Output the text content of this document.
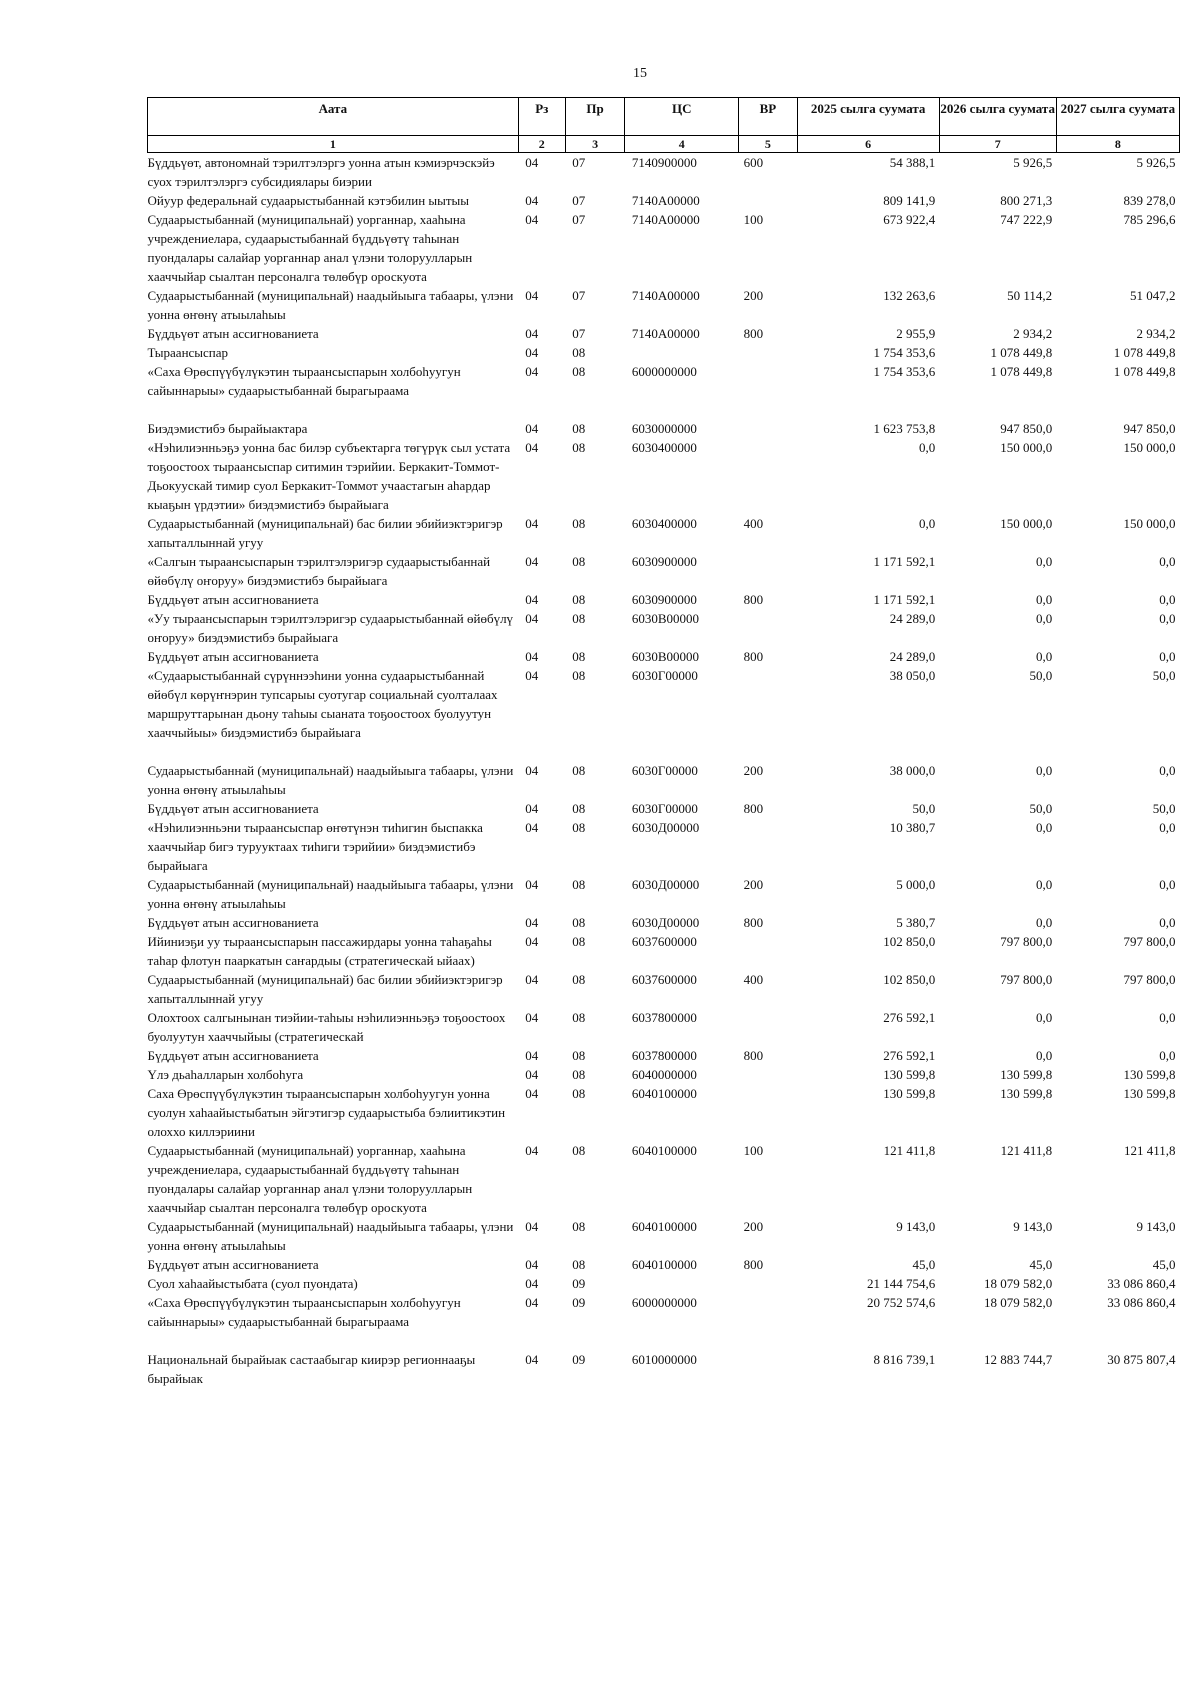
15
Аата	Рз	Пр	ЦС	ВР	2025 сылга суумата	2026 сылга суумата	2027 сылга суумата
1	2	3	4	5	6	7	8
Бүддьүөт, автономнай тэрилтэлэргэ уонна атын кэмиэрчэскэйэ суох тэрилтэлэргэ субсидиялары биэрии	04	07	7140900000	600	54 388,1	5 926,5	5 926,5
Ойуур федеральнай судаарыстыбаннай кэтэбилин ыытыы	04	07	7140А00000		809 141,9	800 271,3	839 278,0
Судаарыстыбаннай (муниципальнай) уорганнар, хааһына учреждениелара, судаарыстыбаннай бүддьүөтү таһынан пуондалары салайар уорганнар анал үлэни толоруулларын хааччыйар сыалтан персоналга төлөбүр ороскуота	04	07	7140А00000	100	673 922,4	747 222,9	785 296,6
Судаарыстыбаннай (муниципальнай) наадыйыыга табаары, үлэни уонна өҥөнү атыылаһыы	04	07	7140А00000	200	132 263,6	50 114,2	51 047,2
Бүддьүөт атын ассигнованиета	04	07	7140А00000	800	2 955,9	2 934,2	2 934,2
Тыраансыспар	04	08			1 754 353,6	1 078 449,8	1 078 449,8
«Саха Өрөспүүбүлүкэтин тыраансыспарын холбоһуугун сайыннарыы» судаарыстыбаннай бырагыраама	04	08	6000000000		1 754 353,6	1 078 449,8	1 078 449,8
Биэдэмистибэ бырайыактара	04	08	6030000000		1 623 753,8	947 850,0	947 850,0
«Нэһилиэнньэҕэ уонна бас билэр субъектарга төгүрүк сыл устата тоҕоостоох тыраансыспар ситимин тэрийии. Беркакит-Томмот-Дьокуускай тимир суол Беркакит-Томмот учаастагын аһардар кыаҕын үрдэтии» биэдэмистибэ бырайыага	04	08	6030400000		0,0	150 000,0	150 000,0
Судаарыстыбаннай (муниципальнай) бас билии эбийиэктэригэр хапыталлыннай угуу	04	08	6030400000	400	0,0	150 000,0	150 000,0
«Салгын тыраансыспарын тэрилтэлэригэр судаарыстыбаннай өйөбүлү оҥоруу» биэдэмистибэ бырайыага	04	08	6030900000		1 171 592,1	0,0	0,0
Бүддьүөт атын ассигнованиета	04	08	6030900000	800	1 171 592,1	0,0	0,0
«Уу тыраансыспарын тэрилтэлэригэр судаарыстыбаннай өйөбүлү оҥоруу» биэдэмистибэ бырайыага	04	08	6030В00000		24 289,0	0,0	0,0
Бүддьүөт атын ассигнованиета	04	08	6030В00000	800	24 289,0	0,0	0,0
«Судаарыстыбаннай сүрүннээһини уонна судаарыстыбаннай өйөбүл көрүҥнэрин тупсарыы суотугар социальнай суолталаах маршруттарынан дьону таһыы сыаната тоҕоостоох буолуутун хааччыйыы» биэдэмистибэ бырайыага	04	08	6030Г00000		38 050,0	50,0	50,0
Судаарыстыбаннай (муниципальнай) наадыйыыга табаары, үлэни уонна өҥөнү атыылаһыы	04	08	6030Г00000	200	38 000,0	0,0	0,0
Бүддьүөт атын ассигнованиета	04	08	6030Г00000	800	50,0	50,0	50,0
«Нэһилиэнньэни тыраансыспар өҥөтүнэн тиһигин быспакка хааччыйар бигэ турууктаах тиһиги тэрийии» биэдэмистибэ бырайыага	04	08	6030Д00000		10 380,7	0,0	0,0
Судаарыстыбаннай (муниципальнай) наадыйыыга табаары, үлэни уонна өҥөнү атыылаһыы	04	08	6030Д00000	200	5 000,0	0,0	0,0
Бүддьүөт атын ассигнованиета	04	08	6030Д00000	800	5 380,7	0,0	0,0
Ийиниэҕи уу тыраансыспарын пассажирдары уонна таһаҕаһы таһар флотун пааркатын саҥардыы (стратегическай ыйаах)	04	08	6037600000		102 850,0	797 800,0	797 800,0
Судаарыстыбаннай (муниципальнай) бас билии эбийиэктэригэр хапыталлыннай угуу	04	08	6037600000	400	102 850,0	797 800,0	797 800,0
Олохтоох салгынынан тиэйии-таһыы нэһилиэнньэҕэ тоҕоостоох буолуутун хааччыйыы (стратегическай	04	08	6037800000		276 592,1	0,0	0,0
Бүддьүөт атын ассигнованиета	04	08	6037800000	800	276 592,1	0,0	0,0
Үлэ дьаһалларын холбоһуга	04	08	6040000000		130 599,8	130 599,8	130 599,8
Саха Өрөспүүбүлүкэтин тыраансыспарын холбоһуугун уонна суолун хаһаайыстыбатын эйгэтигэр судаарыстыба бэлиитикэтин олоххо киллэриини	04	08	6040100000		130 599,8	130 599,8	130 599,8
Судаарыстыбаннай (муниципальнай) уорганнар, хааһына учреждениелара, судаарыстыбаннай бүддьүөтү таһынан пуондалары салайар уорганнар анал үлэни толоруулларын хааччыйар сыалтан персоналга төлөбүр ороскуота	04	08	6040100000	100	121 411,8	121 411,8	121 411,8
Судаарыстыбаннай (муниципальнай) наадыйыыга табаары, үлэни уонна өҥөнү атыылаһыы	04	08	6040100000	200	9 143,0	9 143,0	9 143,0
Бүддьүөт атын ассигнованиета	04	08	6040100000	800	45,0	45,0	45,0
Суол хаһаайыстыбата (суол пуондата)	04	09			21 144 754,6	18 079 582,0	33 086 860,4
«Саха Өрөспүүбүлүкэтин тыраансыспарын холбоһуугун сайыннарыы» судаарыстыбаннай бырагыраама	04	09	6000000000		20 752 574,6	18 079 582,0	33 086 860,4
Национальнай бырайыак састаабыгар киирэр регионнааҕы бырайыак	04	09	6010000000		8 816 739,1	12 883 744,7	30 875 807,4
